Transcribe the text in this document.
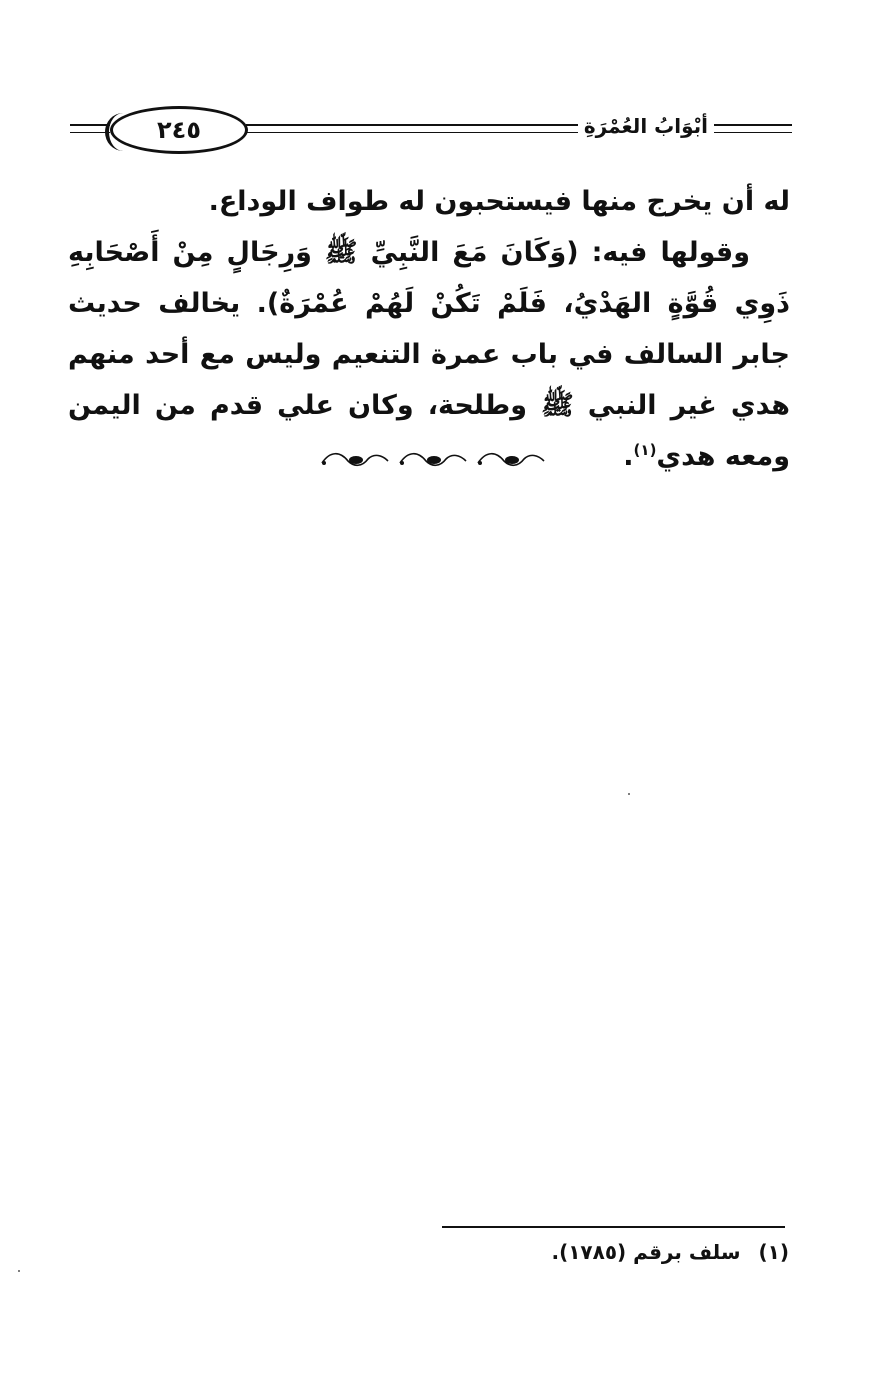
٢٤٥	أبْوَابُ العُمْرَةِ

له أن يخرج منها فيستحبون له طواف الوداع.

وقولها فيه: (وَكَانَ مَعَ النَّبِيِّ ﷺ وَرِجَالٍ مِنْ أَصْحَابِهِ ذَوِي قُوَّةٍ الهَدْيُ، فَلَمْ تَكُنْ لَهُمْ عُمْرَةٌ). يخالف حديث جابر السالف في باب عمرة التنعيم وليس مع أحد منهم هدي غير النبي ﷺ وطلحة، وكان علي قدم من اليمن ومعه هدي$^{(١)}$.

(١)سلف برقم (١٧٨٥).
